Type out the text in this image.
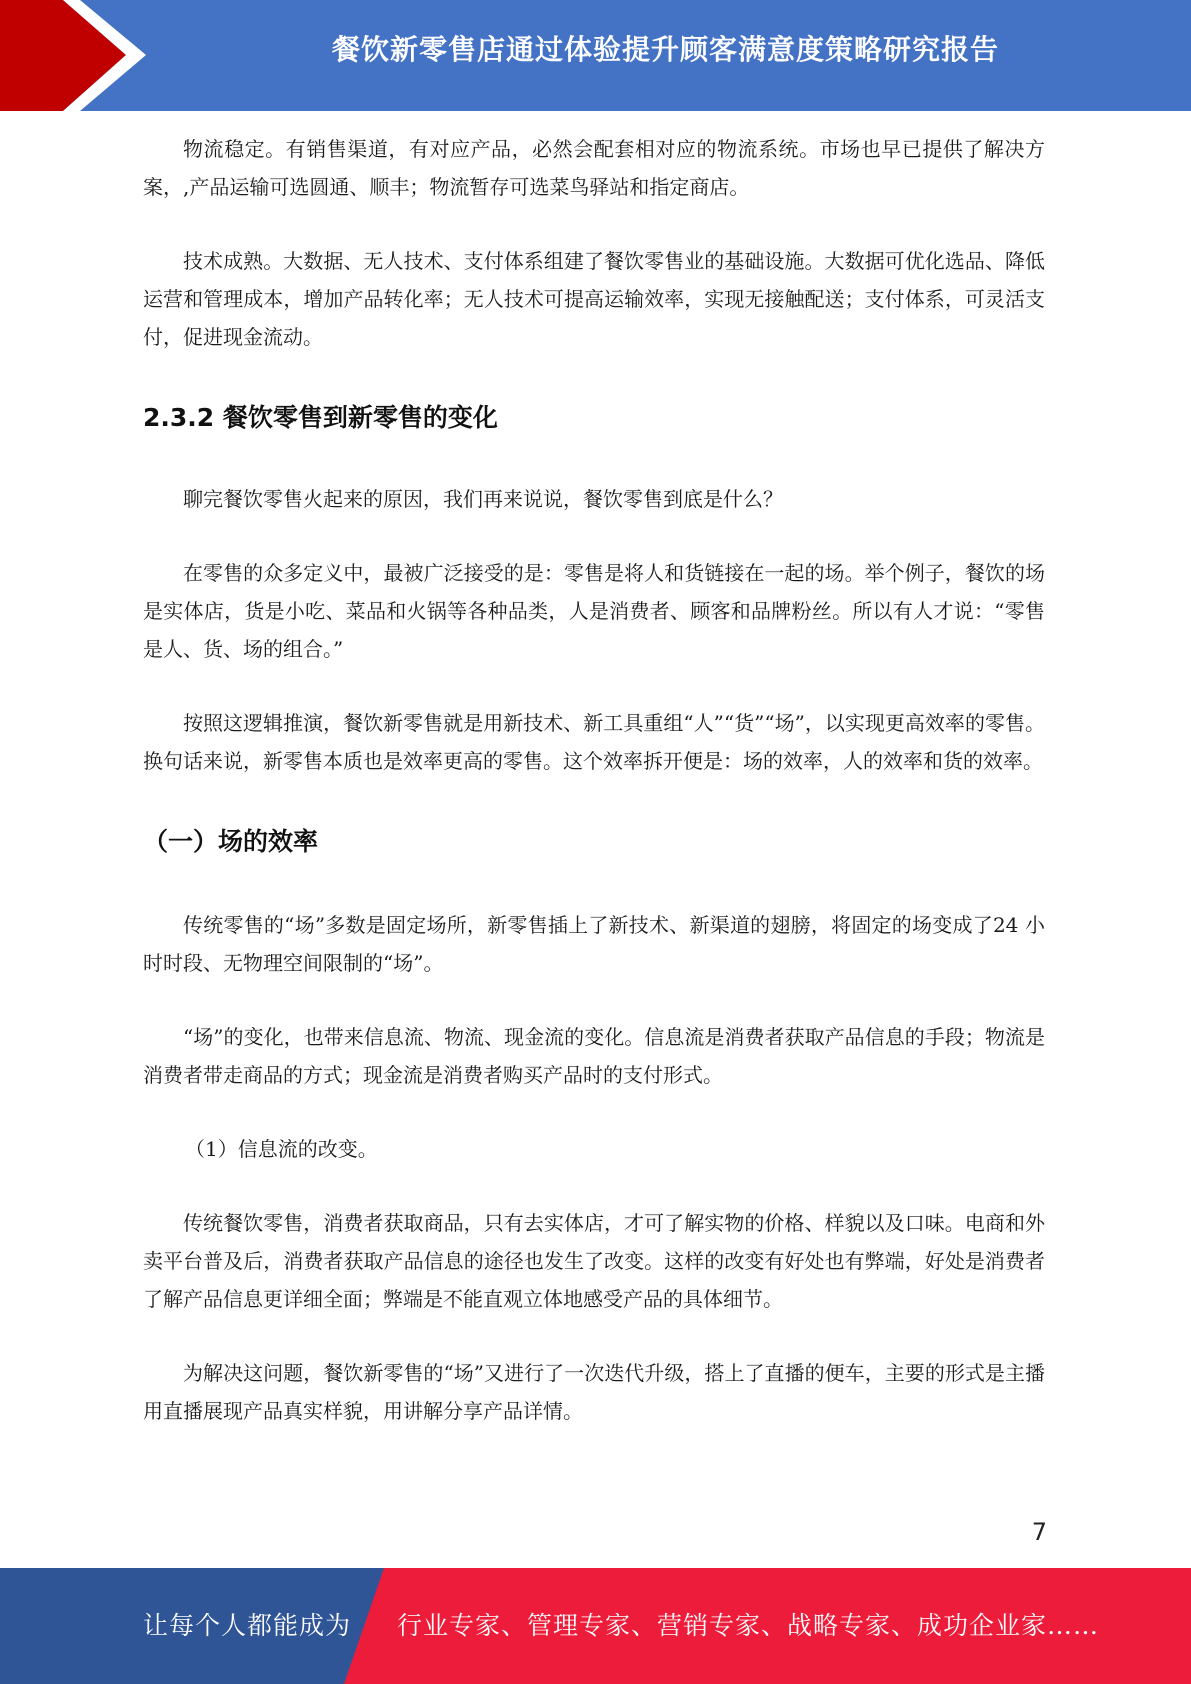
餐饮新零售店通过体验提升顾客满意度策略研究报告

物流稳定。有销售渠道，有对应产品，必然会配套相对应的物流系统。市场也早已提供了解决方案，,产品运输可选圆通、顺丰；物流暂存可选菜鸟驿站和指定商店。

技术成熟。大数据、无人技术、支付体系组建了餐饮零售业的基础设施。大数据可优化选品、降低运营和管理成本，增加产品转化率；无人技术可提高运输效率，实现无接触配送；支付体系，可灵活支付，促进现金流动。

2.3.2 餐饮零售到新零售的变化

聊完餐饮零售火起来的原因，我们再来说说，餐饮零售到底是什么？

在零售的众多定义中，最被广泛接受的是：零售是将人和货链接在一起的场。举个例子，餐饮的场是实体店，货是小吃、菜品和火锅等各种品类，人是消费者、顾客和品牌粉丝。所以有人才说：“零售是人、货、场的组合。”

按照这逻辑推演，餐饮新零售就是用新技术、新工具重组“人”“货”“场”，以实现更高效率的零售。换句话来说，新零售本质也是效率更高的零售。这个效率拆开便是：场的效率，人的效率和货的效率。

（一）场的效率

传统零售的“场”多数是固定场所，新零售插上了新技术、新渠道的翅膀，将固定的场变成了24 小时时段、无物理空间限制的“场”。

“场”的变化，也带来信息流、物流、现金流的变化。信息流是消费者获取产品信息的手段；物流是消费者带走商品的方式；现金流是消费者购买产品时的支付形式。

（1）信息流的改变。

传统餐饮零售，消费者获取商品，只有去实体店，才可了解实物的价格、样貌以及口味。电商和外卖平台普及后，消费者获取产品信息的途径也发生了改变。这样的改变有好处也有弊端，好处是消费者了解产品信息更详细全面；弊端是不能直观立体地感受产品的具体细节。

为解决这问题，餐饮新零售的“场”又进行了一次迭代升级，搭上了直播的便车，主要的形式是主播用直播展现产品真实样貌，用讲解分享产品详情。

7
让每个人都能成为 行业专家、管理专家、营销专家、战略专家、成功企业家……
